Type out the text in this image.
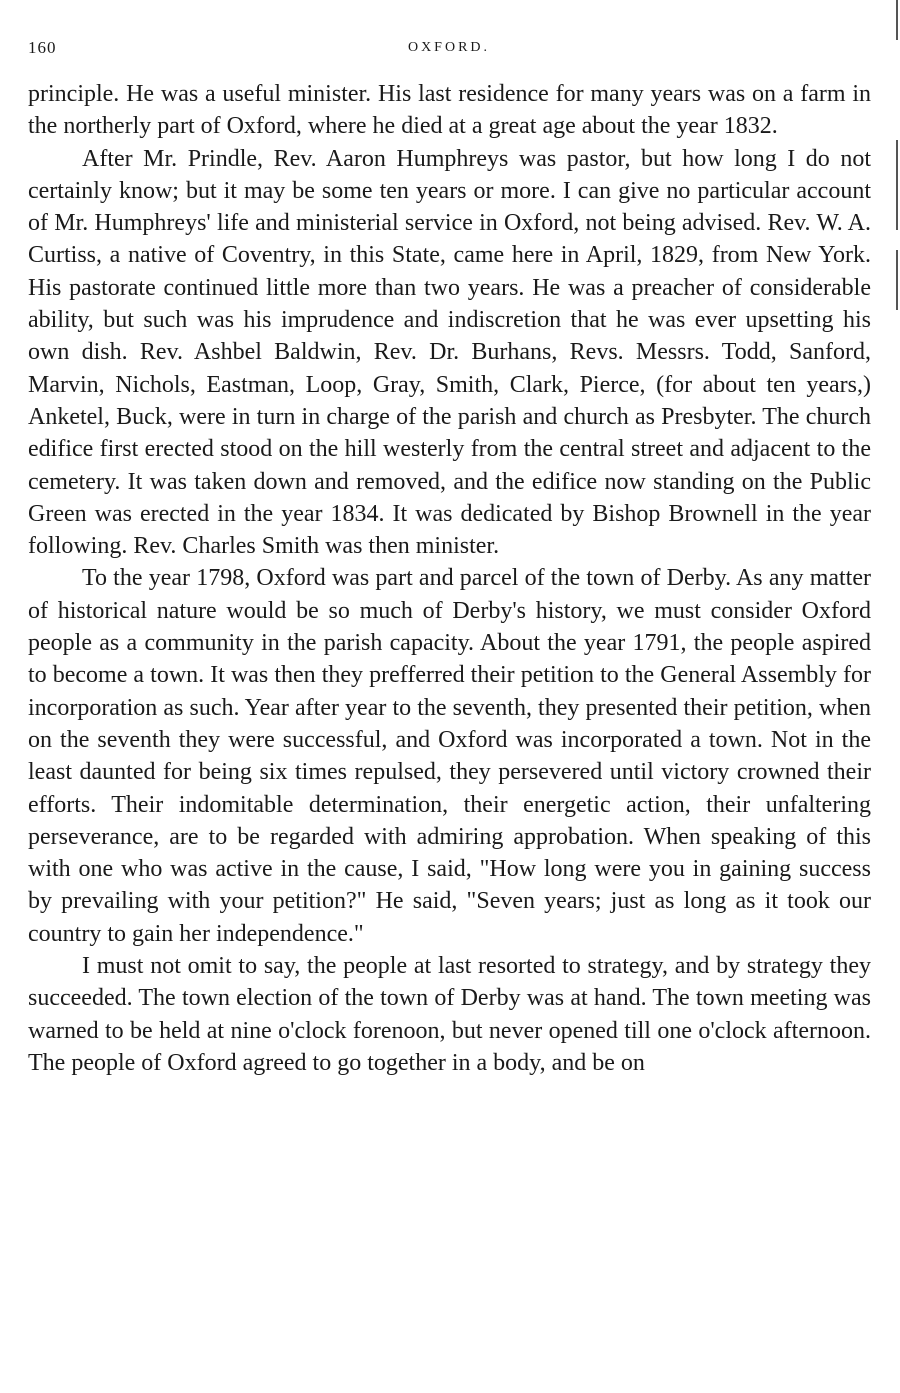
160	OXFORD.

principle. He was a useful minister. His last residence for many years was on a farm in the northerly part of Oxford, where he died at a great age about the year 1832.

After Mr. Prindle, Rev. Aaron Humphreys was pastor, but how long I do not certainly know; but it may be some ten years or more. I can give no particular account of Mr. Humphreys' life and ministerial service in Oxford, not being advised. Rev. W. A. Curtiss, a native of Coventry, in this State, came here in April, 1829, from New York. His pastorate continued little more than two years. He was a preacher of considerable ability, but such was his imprudence and indiscretion that he was ever upsetting his own dish. Rev. Ashbel Baldwin, Rev. Dr. Burhans, Revs. Messrs. Todd, Sanford, Marvin, Nichols, Eastman, Loop, Gray, Smith, Clark, Pierce, (for about ten years,) Anketel, Buck, were in turn in charge of the parish and church as Presbyter. The church edifice first erected stood on the hill westerly from the central street and adjacent to the cemetery. It was taken down and removed, and the edifice now standing on the Public Green was erected in the year 1834. It was dedicated by Bishop Brownell in the year following. Rev. Charles Smith was then minister.

To the year 1798, Oxford was part and parcel of the town of Derby. As any matter of historical nature would be so much of Derby's history, we must consider Oxford people as a community in the parish capacity. About the year 1791, the people aspired to become a town. It was then they prefferred their petition to the General Assembly for incorporation as such. Year after year to the seventh, they presented their petition, when on the seventh they were successful, and Oxford was incorporated a town. Not in the least daunted for being six times repulsed, they persevered until victory crowned their efforts. Their indomitable determination, their energetic action, their unfaltering perseverance, are to be regarded with admiring approbation. When speaking of this with one who was active in the cause, I said, "How long were you in gaining success by prevailing with your petition?" He said, "Seven years; just as long as it took our country to gain her independence."

I must not omit to say, the people at last resorted to strategy, and by strategy they succeeded. The town election of the town of Derby was at hand. The town meeting was warned to be held at nine o'clock forenoon, but never opened till one o'clock afternoon. The people of Oxford agreed to go together in a body, and be on
